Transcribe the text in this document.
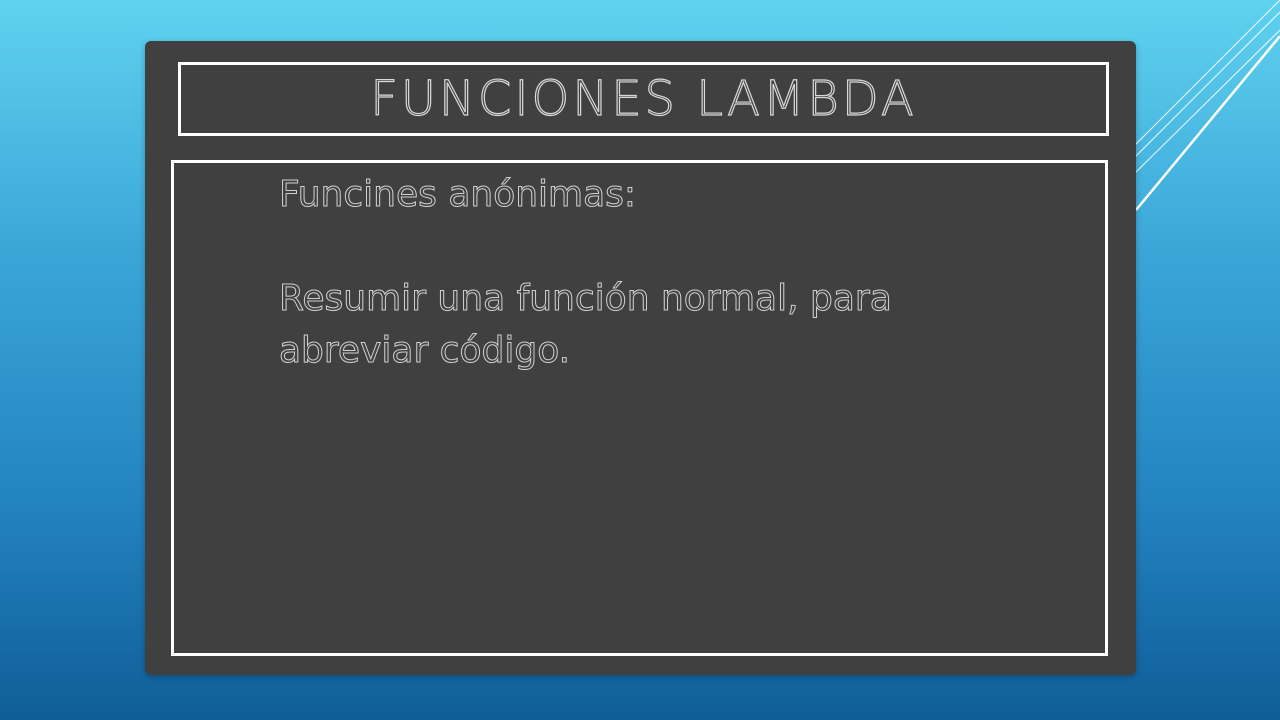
FUNCIONES LAMBDA

Funcines anónimas:

Resumir una función normal, para abreviar código.
